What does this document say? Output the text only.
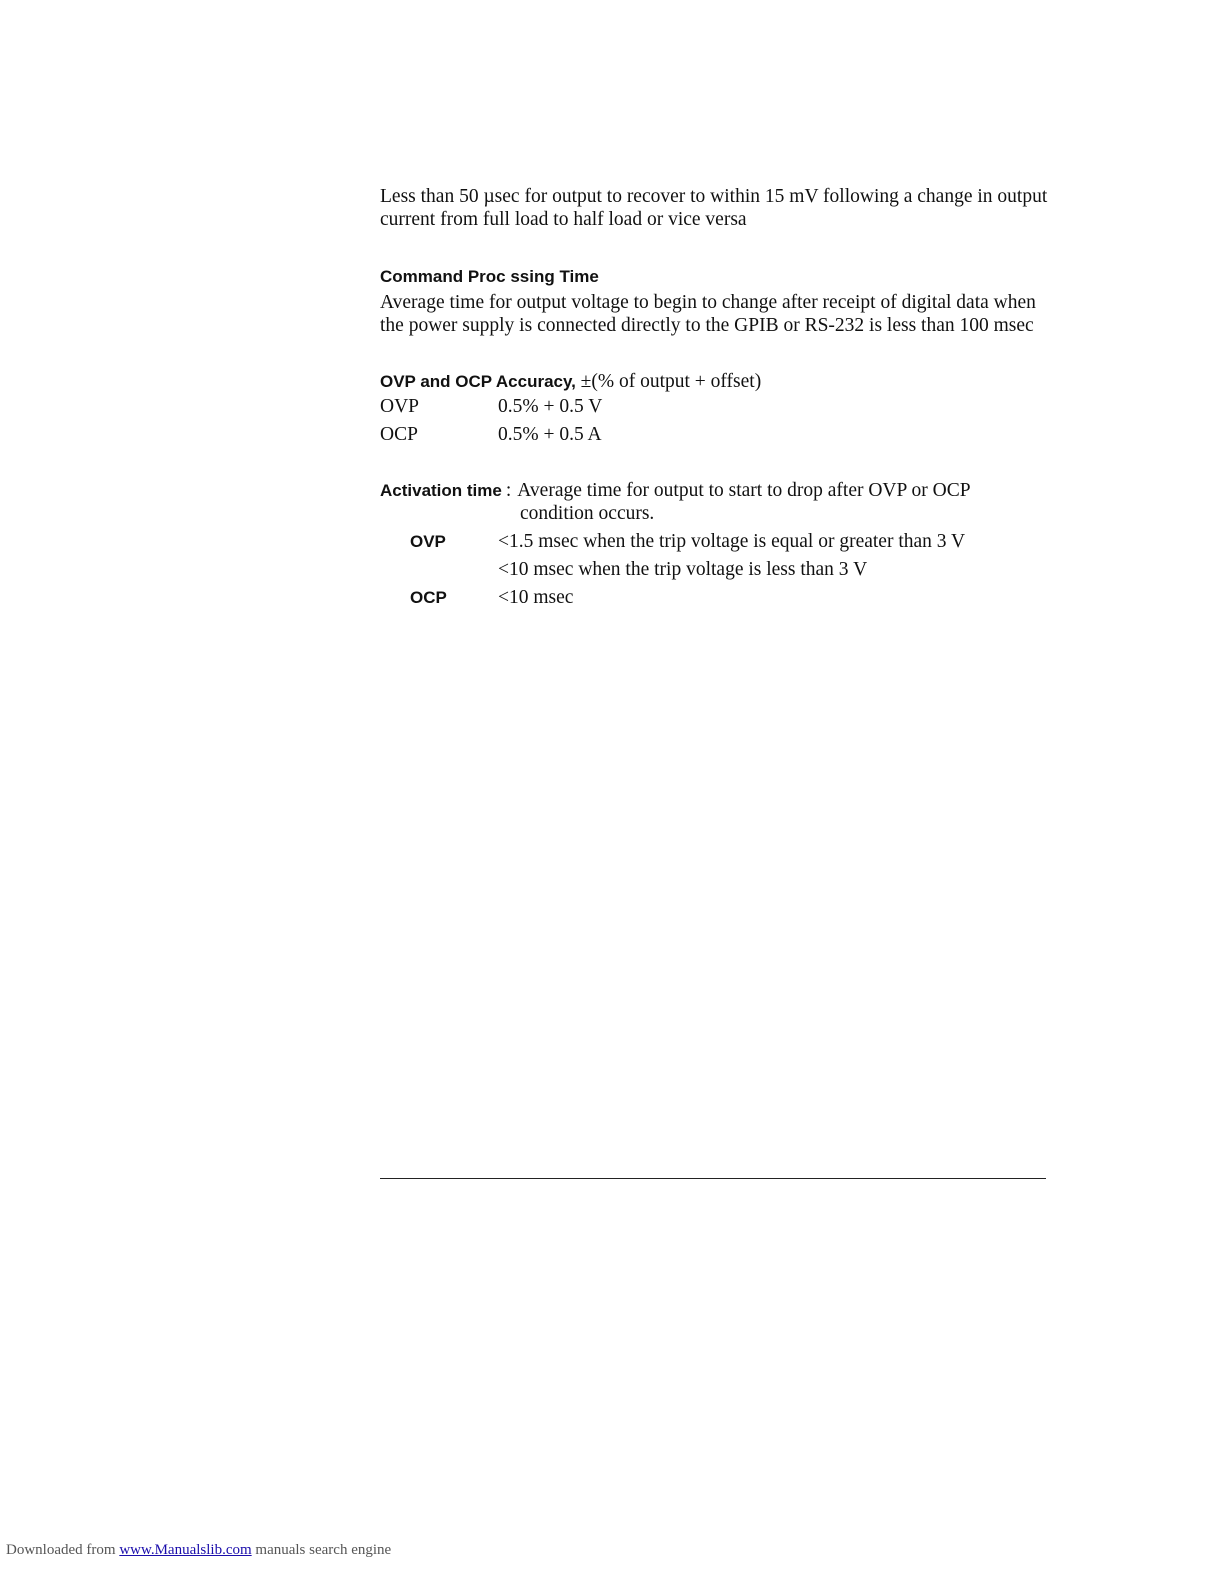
Less than 50 µsec for output to recover to within 15 mV following a change in output current from full load to half load or vice versa

Command Proc ssing Time

Average time for output voltage to begin to change after receipt of digital data when the power supply is connected directly to the GPIB or RS-232 is less than 100 msec

OVP and OCP Accuracy, ±(% of output + offset)

OVP	0.5% + 0.5 V
OCP	0.5% + 0.5 A
Activation time : Average time for output to start to drop after OVP or OCP

condition occurs.

OVP	<1.5 msec when the trip voltage is equal or greater than 3 V
<10 msec when the trip voltage is less than 3 V
OCP	<10 msec
Downloaded from www.Manualslib.com manuals search engine
